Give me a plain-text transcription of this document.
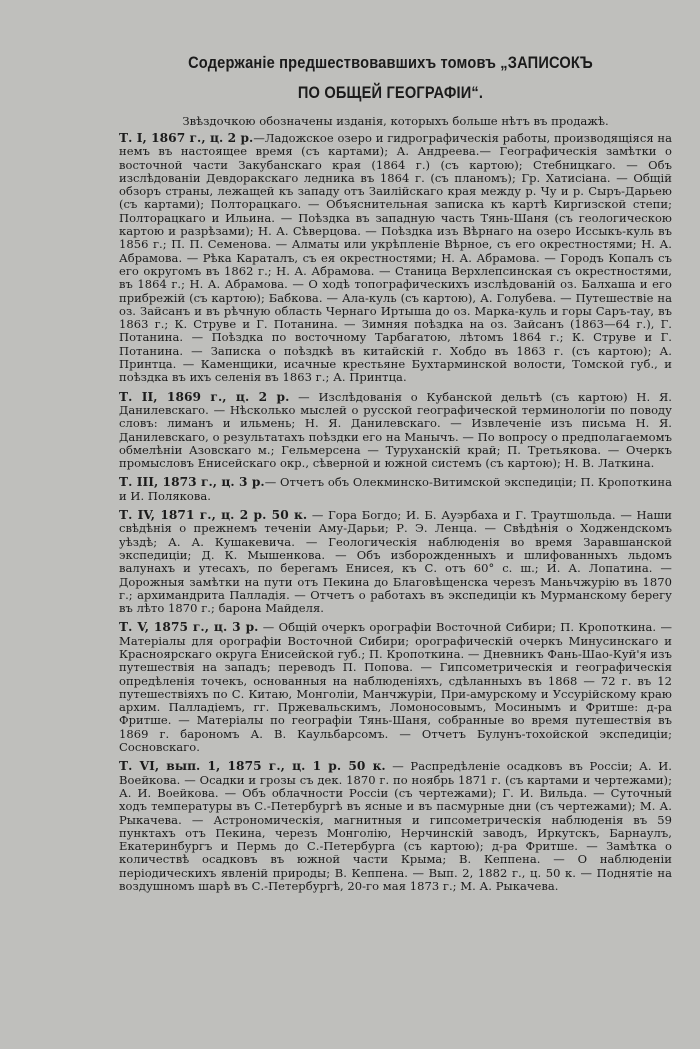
Содержаніе предшествовавшихъ томовъ „ЗАПИСОКЪ
ПО ОБЩЕЙ ГЕОГРАФІИ“.
Звѣздочкою обозначены изданія, которыхъ больше нѣтъ въ продажѣ.
Т. I, 1867 г., ц. 2 р.—Ладожское озеро и гидрографическія работы, производящіяся на немъ въ настоящее время (съ картами); А. Андреева.— Географическія замѣтки о восточной части Закубанскаго края (1864 г.) (съ картою); Стебницкаго. — Объ изслѣдованіи Девдоракскаго ледника въ 1864 г. (съ планомъ); Гр. Хатисіана. — Общій обзоръ страны, лежащей къ западу отъ Заилійскаго края между р. Чу и р. Сыръ-Дарьею (съ картами); Полторацкаго. — Объяснительная записка къ картѣ Киргизской степи; Полторацкаго и Ильина. — Поѣздка въ западную часть Тянь-Шаня (съ геологическою картою и разрѣзами); Н. А. Сѣверцова. — Поѣздка изъ Вѣрнаго на озеро Иссыкъ-куль въ 1856 г.; П. П. Семенова. — Алматы или укрѣпленіе Вѣрное, съ его окрестностями; Н. А. Абрамова. — Рѣка Караталъ, съ ея окрестностями; Н. А. Абрамова. — Городъ Копалъ съ его округомъ въ 1862 г.; Н. А. Абрамова. — Станица Верхлепсинская съ окрестностями, въ 1864 г.; Н. А. Абрамова. — О ходѣ топографическихъ изслѣдованій оз. Балхаша и его прибрежій (съ картою); Бабкова. — Ала-куль (съ картою), А. Голубева. — Путешествіе на оз. Зайсанъ и въ рѣчную область Чернаго Иртыша до оз. Марка-куль и горы Саръ-тау, въ 1863 г.; К. Струве и Г. Потанина. — Зимняя поѣздка на оз. Зайсанъ (1863—64 г.), Г. Потанина. — Поѣздка по восточному Тарбагатою, лѣтомъ 1864 г.; К. Струве и Г. Потанина. — Записка о поѣздкѣ въ китайскій г. Хобдо въ 1863 г. (съ картою); А. Принтца. — Каменщики, исачные крестьяне Бухтарминской волости, Томской губ., и поѣздка въ ихъ селенія въ 1863 г.; А. Принтца.
Т. II, 1869 г., ц. 2 р. — Изслѣдованія о Кубанской дельтѣ (съ картою) Н. Я. Данилевскаго. — Нѣсколько мыслей о русской географической терминологіи по поводу словъ: лиманъ и ильмень; Н. Я. Данилевскаго. — Извлеченіе изъ письма Н. Я. Данилевскаго, о результатахъ поѣздки его на Манычъ. — По вопросу о предполагаемомъ обмелѣніи Азовскаго м.; Гельмерсена — Туруханскій край; П. Третьякова. — Очеркъ промысловъ Енисейскаго окр., сѣверной и южной системъ (съ картою); Н. В. Латкина.
Т. III, 1873 г., ц. 3 р.— Отчетъ объ Олекминско-Витимской экспедиціи; П. Кропоткина и И. Полякова.
Т. IV, 1871 г., ц. 2 р. 50 к. — Гора Богдо; И. Б. Ауэрбаха и Г. Траутшольда. — Наши свѣдѣнія о прежнемъ теченіи Аму-Дарьи; Р. Э. Ленца. — Свѣдѣнія о Ходжендскомъ уѣздѣ; А. А. Кушакевича. — Геологическія наблюденія во время Заравшанской экспедиціи; Д. К. Мышенкова. — Объ изборожденныхъ и шлифованныхъ льдомъ валунахъ и утесахъ, по берегамъ Енисея, къ С. отъ 60° с. ш.; И. А. Лопатина. — Дорожныя замѣтки на пути отъ Пекина до Благовѣщенска черезъ Маньчжурію въ 1870 г.; архимандрита Палладія. — Отчетъ о работахъ въ экспедиціи къ Мурманскому берегу въ лѣто 1870 г.; барона Майделя.
Т. V, 1875 г., ц. 3 р. — Общій очеркъ орографіи Восточной Сибири; П. Кропоткина. — Матеріалы для орографіи Восточной Сибири; орографическій очеркъ Минусинскаго и Красноярскаго округа Енисейской губ.; П. Кропоткина. — Дневникъ Фань-Шао-Куй'я изъ путешествія на западъ; переводъ П. Попова. — Гипсометрическія и географическія опредѣленія точекъ, основанныя на наблюденіяхъ, сдѣланныхъ въ 1868 — 72 г. въ 12 путешествіяхъ по С. Китаю, Монголіи, Манчжуріи, При-амурскому и Уссурійскому краю архим. Палладіемъ, гг. Пржевальскимъ, Ломоносовымъ, Мосинымъ и Фритше: д-ра Фритше. — Матеріалы по географіи Тянь-Шаня, собранные во время путешествія въ 1869 г. барономъ А. В. Каульбарсомъ. — Отчетъ Булунъ-тохойской экспедиціи; Сосновскаго.
Т. VI, вып. 1, 1875 г., ц. 1 р. 50 к. — Распредѣленіе осадковъ въ Россіи; А. И. Воейкова. — Осадки и грозы съ дек. 1870 г. по ноябрь 1871 г. (съ картами и чертежами); А. И. Воейкова. — Объ облачности Россіи (съ чертежами); Г. И. Вильда. — Суточный ходъ температуры въ С.-Петербургѣ въ ясные и въ пасмурные дни (съ чертежами); М. А. Рыкачева. — Астрономическія, магнитныя и гипсометрическія наблюденія въ 59 пунктахъ отъ Пекина, черезъ Монголію, Нерчинскій заводъ, Иркутскъ, Барнаулъ, Екатеринбургъ и Пермь до С.-Петербурга (съ картою); д-ра Фритше. — Замѣтка о количествѣ осадковъ въ южной части Крыма; В. Кеппена. — О наблюденіи періодическихъ явленій природы; В. Кеппена. — Вып. 2, 1882 г., ц. 50 к. — Поднятіе на воздушномъ шарѣ въ С.-Петербургѣ, 20-го мая 1873 г.; М. А. Рыкачева.
